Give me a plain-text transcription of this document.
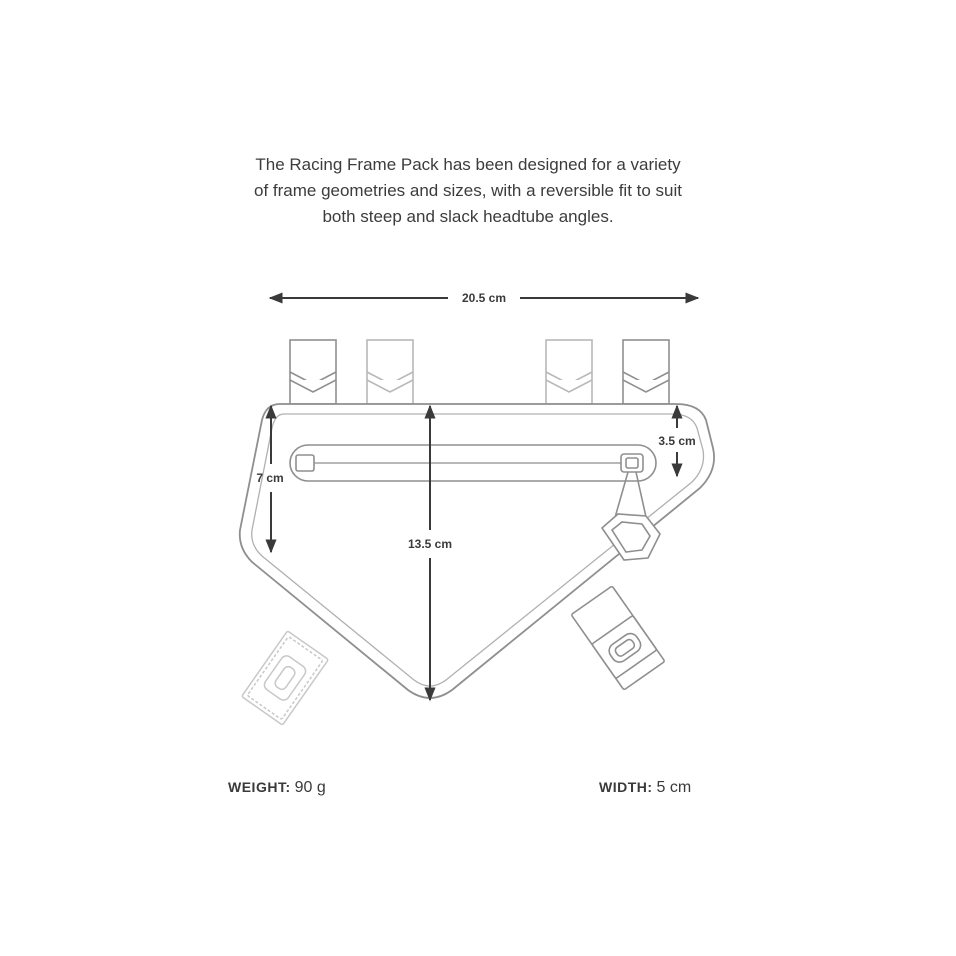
The Racing Frame Pack has been designed for a variety
of frame geometries and sizes, with a reversible fit to suit
both steep and slack headtube angles.
20.5 cm
13.5 cm
7 cm
3.5 cm
WEIGHT: 90 g	WIDTH: 5 cm
